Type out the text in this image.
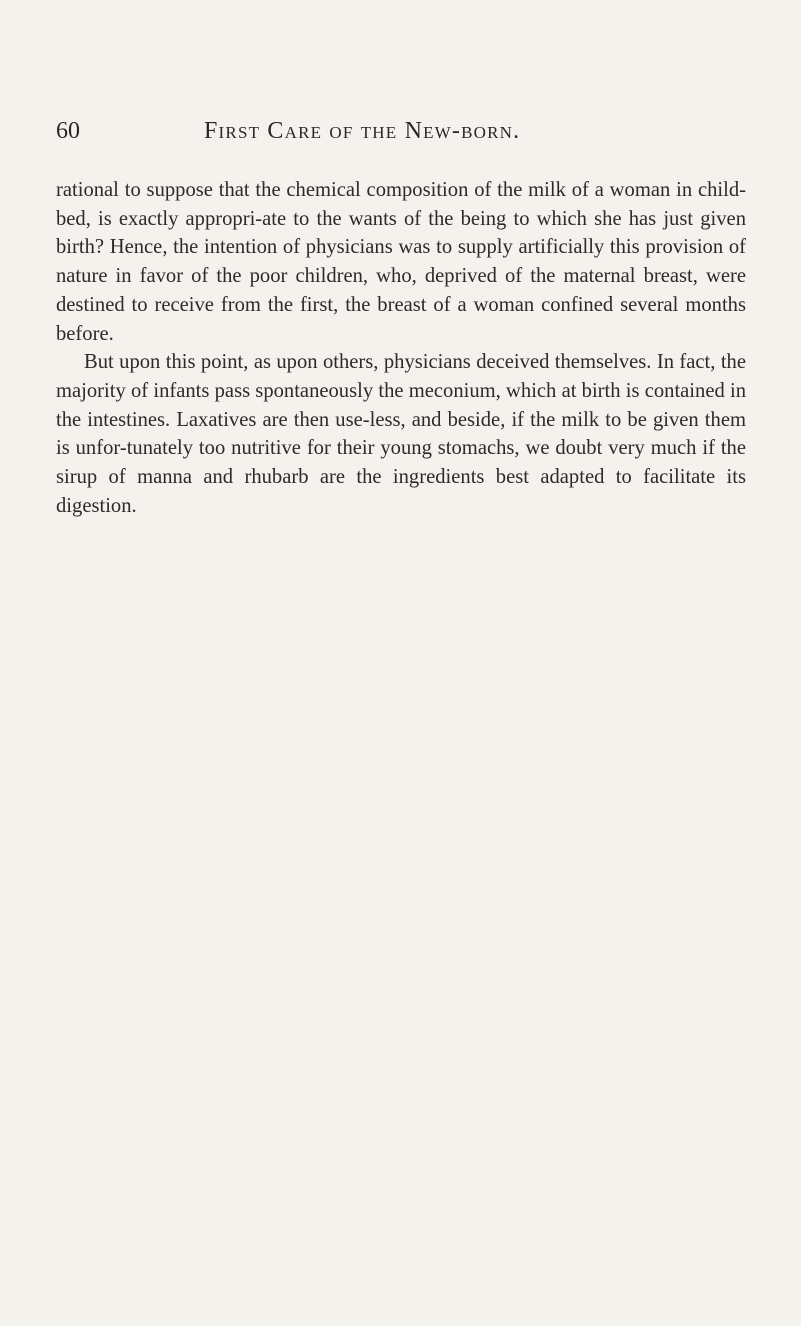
60	First Care of the New-born.

rational to suppose that the chemical composition of the milk of a woman in child-bed, is exactly appropri-ate to the wants of the being to which she has just given birth? Hence, the intention of physicians was to supply artificially this provision of nature in favor of the poor children, who, deprived of the maternal breast, were destined to receive from the first, the breast of a woman confined several months before.

But upon this point, as upon others, physicians deceived themselves. In fact, the majority of infants pass spontaneously the meconium, which at birth is contained in the intestines. Laxatives are then use-less, and beside, if the milk to be given them is unfor-tunately too nutritive for their young stomachs, we doubt very much if the sirup of manna and rhubarb are the ingredients best adapted to facilitate its digestion.
